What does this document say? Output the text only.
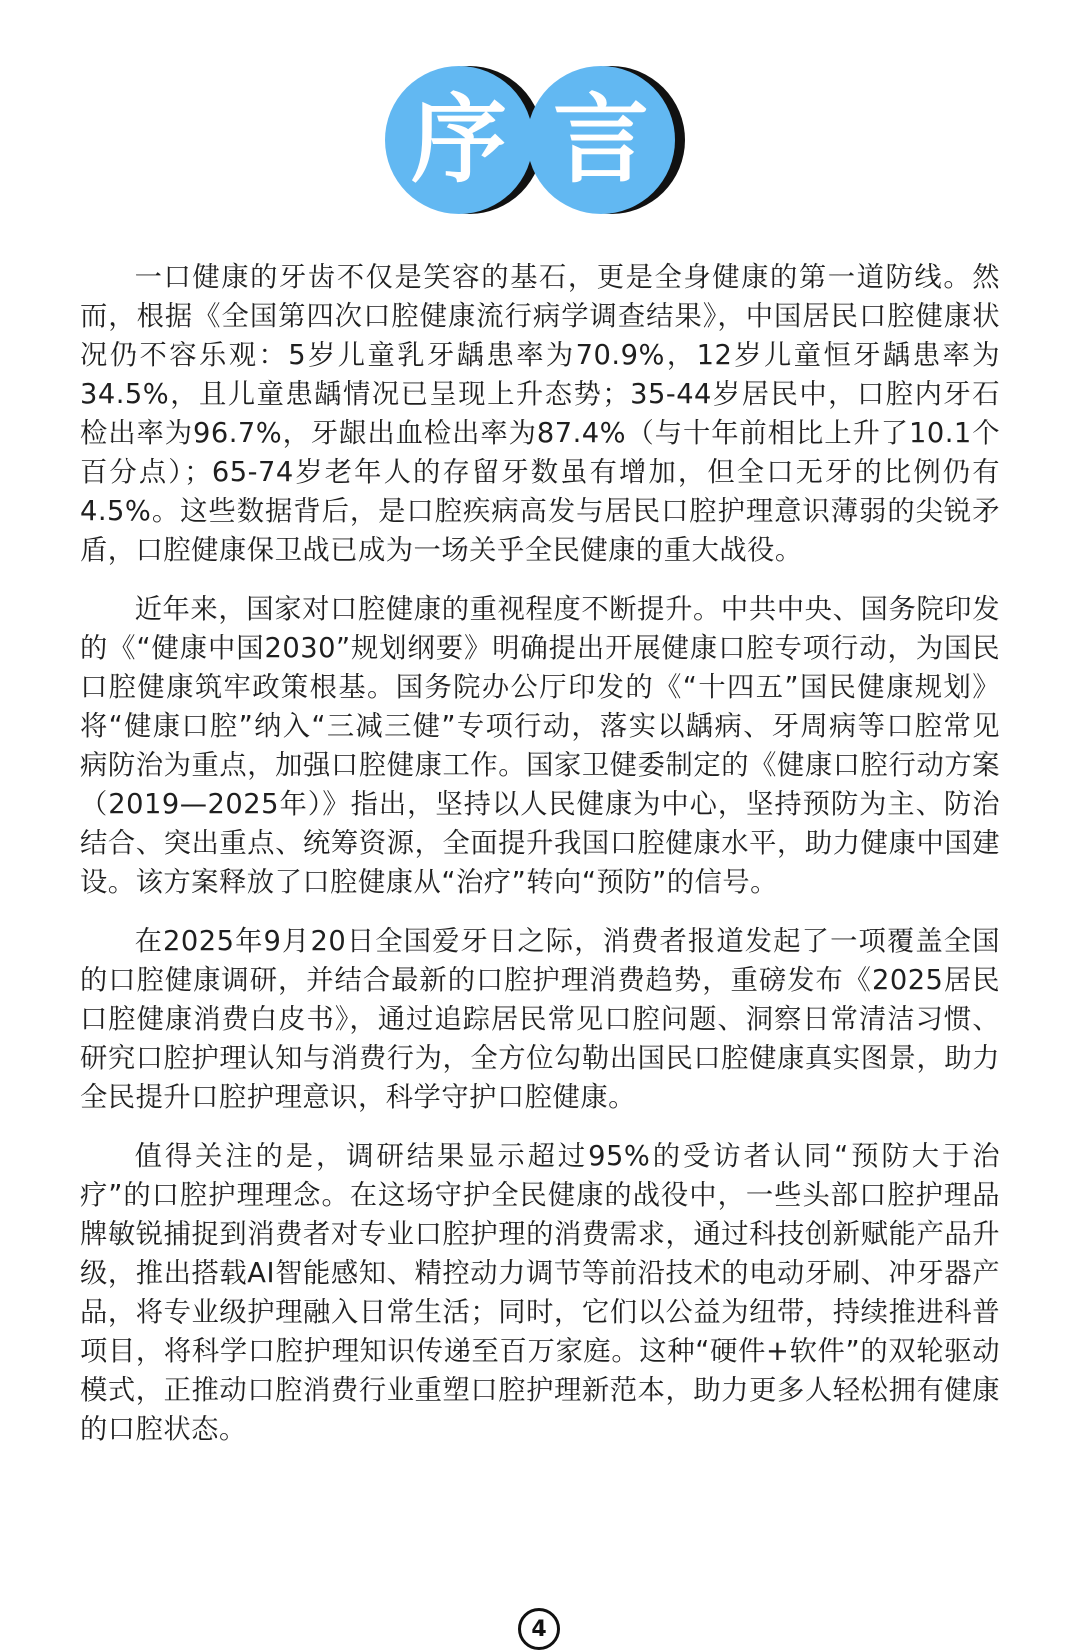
序 言

一口健康的牙齿不仅是笑容的基石，更是全身健康的第一道防线。然而，根据《全国第四次口腔健康流行病学调查结果》，中国居民口腔健康状况仍不容乐观：5岁儿童乳牙龋患率为70.9%，12岁儿童恒牙龋患率为34.5%，且儿童患龋情况已呈现上升态势；35-44岁居民中，口腔内牙石检出率为96.7%，牙龈出血检出率为87.4%（与十年前相比上升了10.1个百分点）；65-74岁老年人的存留牙数虽有增加，但全口无牙的比例仍有4.5%。这些数据背后，是口腔疾病高发与居民口腔护理意识薄弱的尖锐矛盾，口腔健康保卫战已成为一场关乎全民健康的重大战役。

近年来，国家对口腔健康的重视程度不断提升。中共中央、国务院印发的《“健康中国2030”规划纲要》明确提出开展健康口腔专项行动，为国民口腔健康筑牢政策根基。国务院办公厅印发的《“十四五”国民健康规划》将“健康口腔”纳入“三减三健”专项行动，落实以龋病、牙周病等口腔常见病防治为重点，加强口腔健康工作。国家卫健委制定的《健康口腔行动方案（2019—2025年）》指出，坚持以人民健康为中心，坚持预防为主、防治结合、突出重点、统筹资源，全面提升我国口腔健康水平，助力健康中国建设。该方案释放了口腔健康从“治疗”转向“预防”的信号。

在2025年9月20日全国爱牙日之际，消费者报道发起了一项覆盖全国的口腔健康调研，并结合最新的口腔护理消费趋势，重磅发布《2025居民口腔健康消费白皮书》，通过追踪居民常见口腔问题、洞察日常清洁习惯、研究口腔护理认知与消费行为，全方位勾勒出国民口腔健康真实图景，助力全民提升口腔护理意识，科学守护口腔健康。

值得关注的是，调研结果显示超过95%的受访者认同“预防大于治疗”的口腔护理理念。在这场守护全民健康的战役中，一些头部口腔护理品牌敏锐捕捉到消费者对专业口腔护理的消费需求，通过科技创新赋能产品升级，推出搭载AI智能感知、精控动力调节等前沿技术的电动牙刷、冲牙器产品，将专业级护理融入日常生活；同时，它们以公益为纽带，持续推进科普项目，将科学口腔护理知识传递至百万家庭。这种“硬件+软件”的双轮驱动模式，正推动口腔消费行业重塑口腔护理新范本，助力更多人轻松拥有健康的口腔状态。

4
